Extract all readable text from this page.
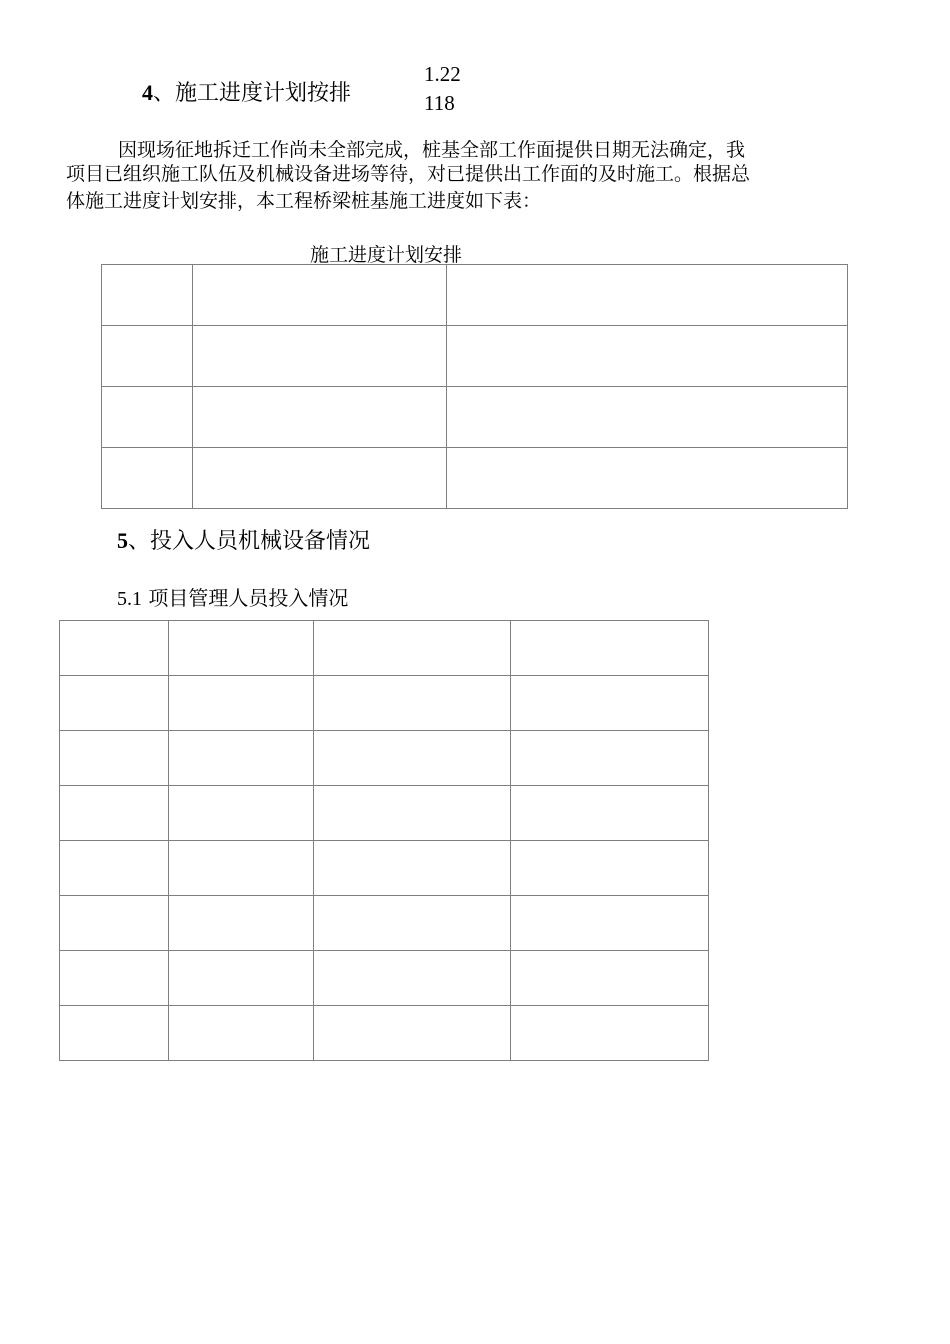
4、施工进度计划按排
1.22
118
因现场征地拆迁工作尚未全部完成，桩基全部工作面提供日期无法确定，我
项目已组织施工队伍及机械设备进场等待，对已提供出工作面的及时施工。根据总
体施工进度计划安排，本工程桥梁桩基施工进度如下表：
施工进度计划安排

5、投入人员机械设备情况
5.1 项目管理人员投入情况
